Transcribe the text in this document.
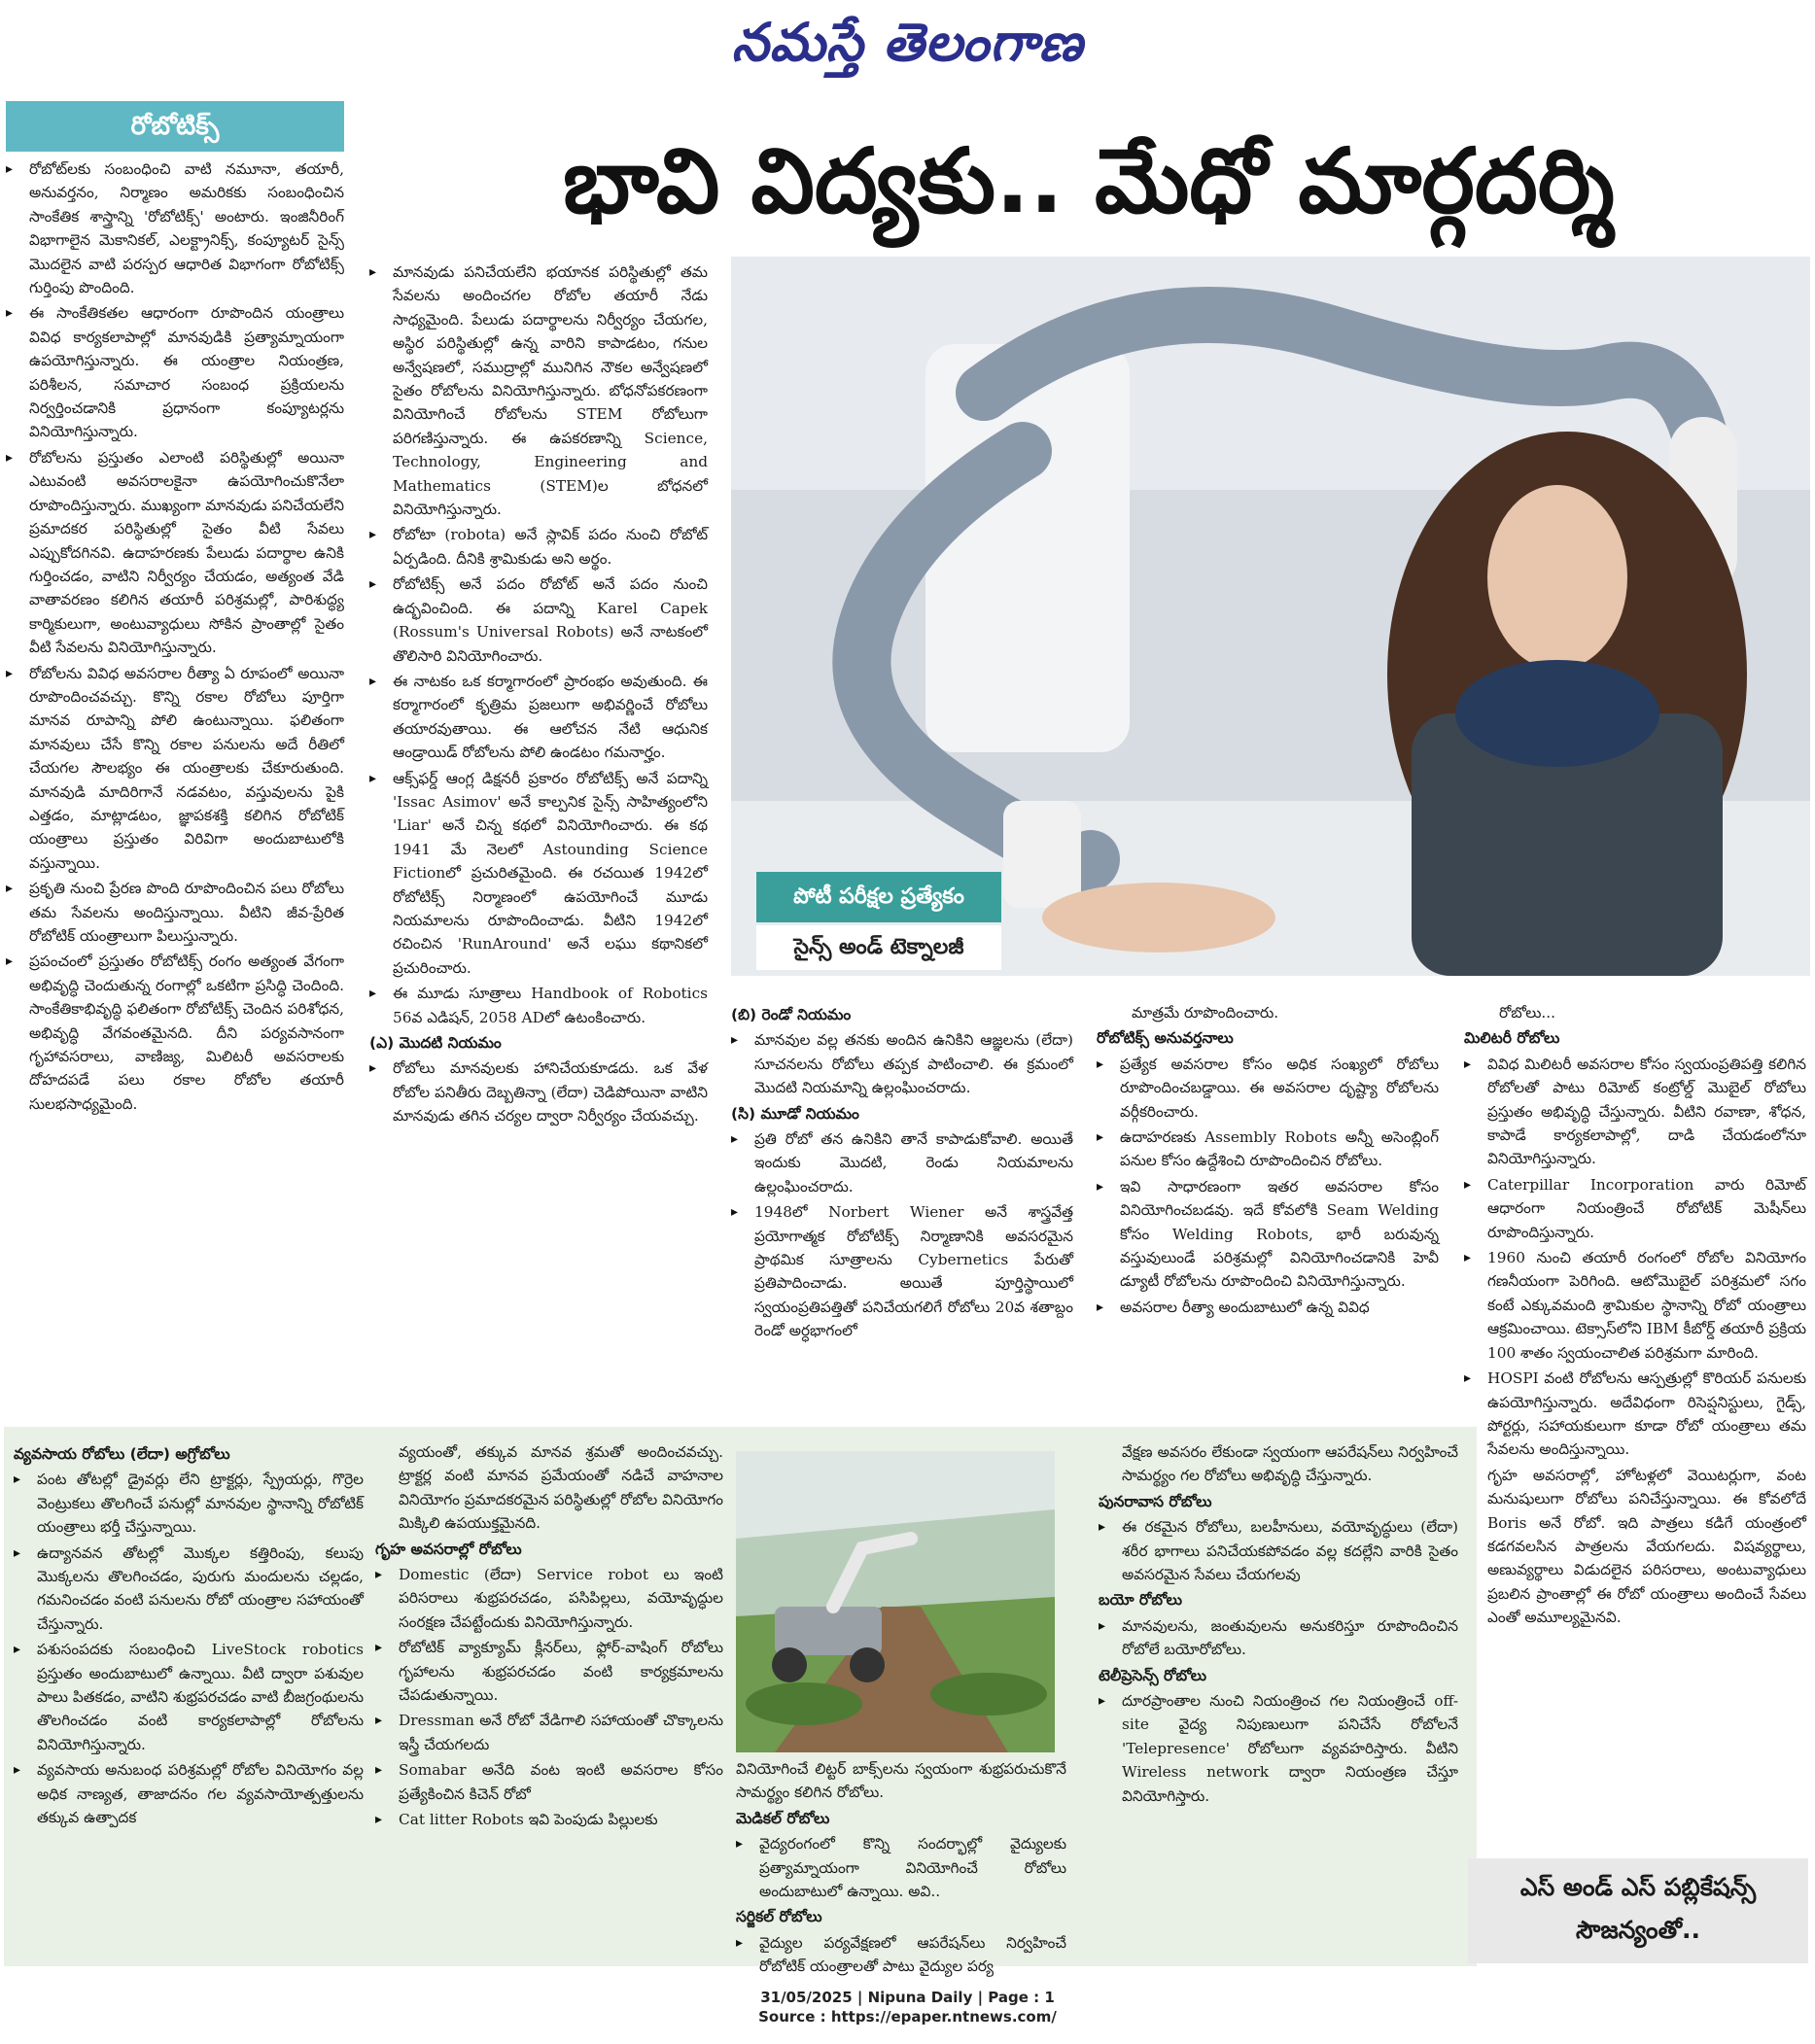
నమస్తే తెలంగాణ
రోబోటిక్స్
భావి విద్యకు.. మేధో మార్గదర్శి
పోటీ పరీక్షల ప్రత్యేకం
సైన్స్ అండ్ టెక్నాలజీ

▸ రోబోట్‌లకు సంబంధించి వాటి నమూనా, తయారీ, అనువర్తనం, నిర్మాణం అమరికకు సంబంధించిన సాంకేతిక శాస్త్రాన్ని 'రోబోటిక్స్' అంటారు. ఇంజినీరింగ్ విభాగాలైన మెకానికల్, ఎలక్ట్రానిక్స్, కంప్యూటర్ సైన్స్ మొదలైన వాటి పరస్పర ఆధారిత విభాగంగా రోబోటిక్స్ గుర్తింపు పొందింది.

▸ ఈ సాంకేతికతల ఆధారంగా రూపొందిన యంత్రాలు వివిధ కార్యకలాపాల్లో మానవుడికి ప్రత్యామ్నాయంగా ఉపయోగిస్తున్నారు. ఈ యంత్రాల నియంత్రణ, పరిశీలన, సమాచార సంబంధ ప్రక్రియలను నిర్వర్తించడానికి ప్రధానంగా కంప్యూటర్లను వినియోగిస్తున్నారు.

▸ రోబోలను ప్రస్తుతం ఎలాంటి పరిస్థితుల్లో అయినా ఎటువంటి అవసరాలకైనా ఉపయోగించుకొనేలా రూపొందిస్తున్నారు. ముఖ్యంగా మానవుడు పనిచేయలేని ప్రమాదకర పరిస్థితుల్లో సైతం వీటి సేవలు ఎప్పుకోదగినవి. ఉదాహరణకు పేలుడు పదార్థాల ఉనికి గుర్తించడం, వాటిని నిర్వీర్యం చేయడం, అత్యంత వేడి వాతావరణం కలిగిన తయారీ పరిశ్రమల్లో, పారిశుద్ధ్య కార్మికులుగా, అంటువ్యాధులు సోకిన ప్రాంతాల్లో సైతం వీటి సేవలను వినియోగిస్తున్నారు.

▸ రోబోలను వివిధ అవసరాల రీత్యా ఏ రూపంలో అయినా రూపొందించవచ్చు. కొన్ని రకాల రోబోలు పూర్తిగా మానవ రూపాన్ని పోలి ఉంటున్నాయి. ఫలితంగా మానవులు చేసే కొన్ని రకాల పనులను అదే రీతిలో చేయగల సౌలభ్యం ఈ యంత్రాలకు చేకూరుతుంది. మానవుడి మాదిరిగానే నడవటం, వస్తువులను పైకి ఎత్తడం, మాట్లాడటం, జ్ఞాపకశక్తి కలిగిన రోబోటిక్ యంత్రాలు ప్రస్తుతం విరివిగా అందుబాటులోకి వస్తున్నాయి.

▸ ప్రకృతి నుంచి ప్రేరణ పొంది రూపొందించిన పలు రోబోలు తమ సేవలను అందిస్తున్నాయి. వీటిని జీవ-ప్రేరిత రోబోటిక్ యంత్రాలుగా పిలుస్తున్నారు.

▸ ప్రపంచంలో ప్రస్తుతం రోబోటిక్స్ రంగం అత్యంత వేగంగా అభివృద్ధి చెందుతున్న రంగాల్లో ఒకటిగా ప్రసిద్ధి చెందింది. సాంకేతికాభివృద్ధి ఫలితంగా రోబోటిక్స్ చెందిన పరిశోధన, అభివృద్ధి వేగవంతమైనది. దీని పర్యవసానంగా గృహావసరాలు, వాణిజ్య, మిలిటరీ అవసరాలకు దోహదపడే పలు రకాల రోబోల తయారీ సులభసాధ్యమైంది.

▸ మానవుడు పనిచేయలేని భయానక పరిస్థితుల్లో తమ సేవలను అందించగల రోబోల తయారీ నేడు సాధ్యమైంది. పేలుడు పదార్థాలను నిర్వీర్యం చేయగల, అస్థిర పరిస్థితుల్లో ఉన్న వారిని కాపాడటం, గనుల అన్వేషణలో, సముద్రాల్లో మునిగిన నౌకల అన్వేషణలో సైతం రోబోలను వినియోగిస్తున్నారు. బోధనోపకరణంగా వినియోగించే రోబోలను STEM రోబోలుగా పరిగణిస్తున్నారు. ఈ ఉపకరణాన్ని Science, Technology, Engineering and Mathematics (STEM)ల బోధనలో వినియోగిస్తున్నారు.

▸ రోబోటా (robota) అనే స్లావిక్ పదం నుంచి రోబోట్ ఏర్పడింది. దీనికి శ్రామికుడు అని అర్థం.

▸ రోబోటిక్స్ అనే పదం రోబోట్ అనే పదం నుంచి ఉద్భవించింది. ఈ పదాన్ని Karel Capek (Rossum's Universal Robots) అనే నాటకంలో తొలిసారి వినియోగించారు.

▸ ఈ నాటకం ఒక కర్మాగారంలో ప్రారంభం అవుతుంది. ఈ కర్మాగారంలో కృత్రిమ ప్రజలుగా అభివర్ణించే రోబోలు తయారవుతాయి. ఈ ఆలోచన నేటి ఆధునిక ఆండ్రాయిడ్ రోబోలను పోలి ఉండటం గమనార్హం.

▸ ఆక్స్‌ఫర్డ్ ఆంగ్ల డిక్షనరీ ప్రకారం రోబోటిక్స్ అనే పదాన్ని 'Issac Asimov' అనే కాల్పనిక సైన్స్ సాహిత్యంలోని 'Liar' అనే చిన్న కథలో వినియోగించారు. ఈ కథ 1941 మే నెలలో Astounding Science Fictionలో ప్రచురితమైంది. ఈ రచయిత 1942లో రోబోటిక్స్ నిర్మాణంలో ఉపయోగించే మూడు నియమాలను రూపొందించాడు. వీటిని 1942లో రచించిన 'RunAround' అనే లఘు కథానికలో ప్రచురించారు.

▸ ఈ మూడు సూత్రాలు Handbook of Robotics 56వ ఎడిషన్, 2058 ADలో ఉటంకించారు.

(ఎ) మొదటి నియమం

▸ రోబోలు మానవులకు హానిచేయకూడదు. ఒక వేళ రోబోల పనితీరు దెబ్బతిన్నా (లేదా) చెడిపోయినా వాటిని మానవుడు తగిన చర్యల ద్వారా నిర్వీర్యం చేయవచ్చు.

(బి) రెండో నియమం

▸ మానవుల వల్ల తనకు అందిన ఉనికిని ఆజ్ఞలను (లేదా) సూచనలను రోబోలు తప్పక పాటించాలి. ఈ క్రమంలో మొదటి నియమాన్ని ఉల్లంఘించరాదు.

(సి) మూడో నియమం

▸ ప్రతి రోబో తన ఉనికిని తానే కాపాడుకోవాలి. అయితే ఇందుకు మొదటి, రెండు నియమాలను ఉల్లంఘించరాదు.

▸ 1948లో Norbert Wiener అనే శాస్త్రవేత్త ప్రయోగాత్మక రోబోటిక్స్ నిర్మాణానికి అవసరమైన ప్రాథమిక సూత్రాలను Cybernetics పేరుతో ప్రతిపాదించాడు. అయితే పూర్తిస్థాయిలో స్వయంప్రతిపత్తితో పనిచేయగలిగే రోబోలు 20వ శతాబ్దం రెండో అర్ధభాగంలో

మాత్రమే రూపొందించారు.
రోబోటిక్స్ అనువర్తనాలు

▸ ప్రత్యేక అవసరాల కోసం అధిక సంఖ్యలో రోబోలు రూపొందించబడ్డాయి. ఈ అవసరాల దృష్ట్యా రోబోలను వర్గీకరించారు.

▸ ఉదాహరణకు Assembly Robots అన్నీ అసెంబ్లింగ్ పనుల కోసం ఉద్దేశించి రూపొందించిన రోబోలు.

▸ ఇవి సాధారణంగా ఇతర అవసరాల కోసం వినియోగించబడవు. ఇదే కోవలోకి Seam Welding కోసం Welding Robots, భారీ బరువున్న వస్తువులుండే పరిశ్రమల్లో వినియోగించడానికి హెవీ డ్యూటీ రోబోలను రూపొందించి వినియోగిస్తున్నారు.

▸ అవసరాల రీత్యా అందుబాటులో ఉన్న వివిధ

రోబోలు...
మిలిటరీ రోబోలు

▸ వివిధ మిలిటరీ అవసరాల కోసం స్వయంప్రతిపత్తి కలిగిన రోబోలతో పాటు రిమోట్ కంట్రోల్డ్ మొబైల్ రోబోలు ప్రస్తుతం అభివృద్ధి చేస్తున్నారు. వీటిని రవాణా, శోధన, కాపాడే కార్యకలాపాల్లో, దాడి చేయడంలోనూ వినియోగిస్తున్నారు.

▸ Caterpillar Incorporation వారు రిమోట్ ఆధారంగా నియంత్రించే రోబోటిక్ మెషీన్‌లు రూపొందిస్తున్నారు.

▸ 1960 నుంచి తయారీ రంగంలో రోబోల వినియోగం గణనీయంగా పెరిగింది. ఆటోమొబైల్ పరిశ్రమలో సగం కంటే ఎక్కువమంది శ్రామికుల స్థానాన్ని రోబో యంత్రాలు ఆక్రమించాయి. టెక్సాస్‌లోని IBM కీబోర్డ్ తయారీ ప్రక్రియ 100 శాతం స్వయంచాలిత పరిశ్రమగా మారింది.

▸ HOSPI వంటి రోబోలను ఆస్పత్రుల్లో కొరియర్ పనులకు ఉపయోగిస్తున్నారు. అదేవిధంగా రిసెప్షనిస్టులు, గైడ్స్, పోర్టర్లు, సహాయకులుగా కూడా రోబో యంత్రాలు తమ సేవలను అందిస్తున్నాయి.

గృహ అవసరాల్లో, హోటళ్లలో వెయిటర్లుగా, వంట మనుషులుగా రోబోలు పనిచేస్తున్నాయి. ఈ కోవలోదే Boris అనే రోబో. ఇది పాత్రలు కడిగే యంత్రంలో కడగవలసిన పాత్రలను వేయగలదు. విషవ్యర్థాలు, అణువ్యర్థాలు విడుదలైన పరిసరాలు, అంటువ్యాధులు ప్రబలిన ప్రాంతాల్లో ఈ రోబో యంత్రాలు అందించే సేవలు ఎంతో అమూల్యమైనవి.

వ్యవసాయ రోబోలు (లేదా) అగ్రోబోలు

▸ పంట తోటల్లో డ్రైవర్లు లేని ట్రాక్టర్లు, స్ప్రేయర్లు, గొర్రెల వెంట్రుకలు తొలగించే పనుల్లో మానవుల స్థానాన్ని రోబోటిక్ యంత్రాలు భర్తీ చేస్తున్నాయి.

▸ ఉద్యానవన తోటల్లో మొక్కల కత్తిరింపు, కలుపు మొక్కలను తొలగించడం, పురుగు మందులను చల్లడం, గమనించడం వంటి పనులను రోబో యంత్రాల సహాయంతో చేస్తున్నారు.

▸ పశుసంపదకు సంబంధించి LiveStock robotics ప్రస్తుతం అందుబాటులో ఉన్నాయి. వీటి ద్వారా పశువుల పాలు పితకడం, వాటిని శుభ్రపరచడం వాటి బీజగ్రంథులను తొలగించడం వంటి కార్యకలాపాల్లో రోబోలను వినియోగిస్తున్నారు.

▸ వ్యవసాయ అనుబంధ పరిశ్రమల్లో రోబోల వినియోగం వల్ల అధిక నాణ్యత, తాజాదనం గల వ్యవసాయోత్పత్తులను తక్కువ ఉత్పాదక

వ్యయంతో, తక్కువ మానవ శ్రమతో అందించవచ్చు. ట్రాక్టర్ల వంటి మానవ ప్రమేయంతో నడిచే వాహనాల వినియోగం ప్రమాదకరమైన పరిస్థితుల్లో రోబోల వినియోగం మిక్కిలి ఉపయుక్తమైనది.
గృహ అవసరాల్లో రోబోలు

▸ Domestic (లేదా) Service robot లు ఇంటి పరిసరాలు శుభ్రపరచడం, పసిపిల్లలు, వయోవృద్ధుల సంరక్షణ చేపట్టేందుకు వినియోగిస్తున్నారు.

▸ రోబోటిక్ వ్యాక్యూమ్ క్లీనర్‌లు, ఫ్లోర్-వాషింగ్ రోబోలు గృహాలను శుభ్రపరచడం వంటి కార్యక్రమాలను చేపడుతున్నాయి.

▸ Dressman అనే రోబో వేడిగాలి సహాయంతో చొక్కాలను ఇస్త్రీ చేయగలదు

▸ Somabar అనేది వంట ఇంటి అవసరాల కోసం ప్రత్యేకించిన కిచెన్ రోబో

▸ Cat litter Robots ఇవి పెంపుడు పిల్లులకు

వినియోగించే లిట్టర్ బాక్స్‌లను స్వయంగా శుభ్రపరుచుకొనే సామర్థ్యం కలిగిన రోబోలు.
మెడికల్ రోబోలు

▸ వైద్యరంగంలో కొన్ని సందర్భాల్లో వైద్యులకు ప్రత్యామ్నాయంగా వినియోగించే రోబోలు అందుబాటులో ఉన్నాయి. అవి..

సర్జికల్ రోబోలు

▸ వైద్యుల పర్యవేక్షణలో ఆపరేషన్‌లు నిర్వహించే రోబోటిక్ యంత్రాలతో పాటు వైద్యుల పర్య

వేక్షణ అవసరం లేకుండా స్వయంగా ఆపరేషన్‌లు నిర్వహించే సామర్థ్యం గల రోబోలు అభివృద్ధి చేస్తున్నారు.
పునరావాస రోబోలు

▸ ఈ రకమైన రోబోలు, బలహీనులు, వయోవృద్ధులు (లేదా) శరీర భాగాలు పనిచేయకపోవడం వల్ల కదల్లేని వారికి సైతం అవసరమైన సేవలు చేయగలవు

బయో రోబోలు

▸ మానవులను, జంతువులను అనుకరిస్తూ రూపొందించిన రోబోలే బయోరోబోలు.

టెలీప్రెసెన్స్ రోబోలు

▸ దూరప్రాంతాల నుంచి నియంత్రించ గల నియంత్రించే off-site వైద్య నిపుణులుగా పనిచేసే రోబోలనే 'Telepresence' రోబోలుగా వ్యవహరిస్తారు. వీటిని Wireless network ద్వారా నియంత్రణ చేస్తూ వినియోగిస్తారు.

ఎస్ అండ్ ఎస్ పబ్లికేషన్స్
సౌజన్యంతో..
31/05/2025 | Nipuna Daily | Page : 1
Source : https://epaper.ntnews.com/
